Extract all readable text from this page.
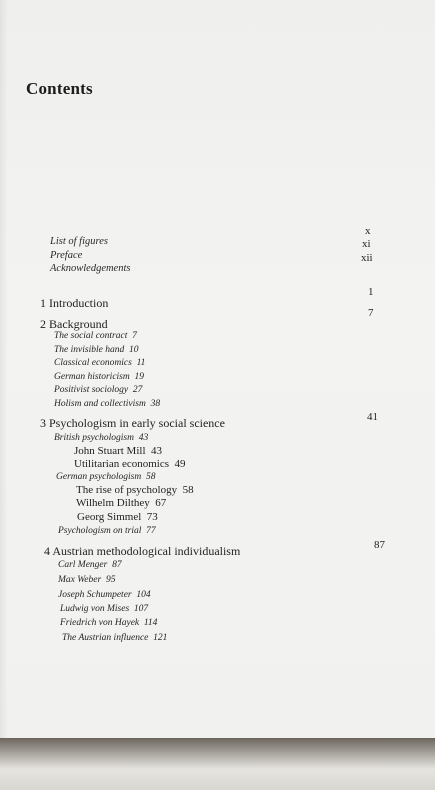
Contents
List of figures
x
Preface
xi
Acknowledgements
xii
1 Introduction
1
2 Background
7
The social contract 7
The invisible hand 10
Classical economics 11
German historicism 19
Positivist sociology 27
Holism and collectivism 38
3 Psychologism in early social science	41
British psychologism 43
John Stuart Mill 43
Utilitarian economics 49
German psychologism 58
The rise of psychology 58
Wilhelm Dilthey 67
Georg Simmel 73
Psychologism on trial 77
4 Austrian methodological individualism	87
Carl Menger 87
Max Weber 95
Joseph Schumpeter 104
Ludwig von Mises 107
Friedrich von Hayek 114
The Austrian influence 121
